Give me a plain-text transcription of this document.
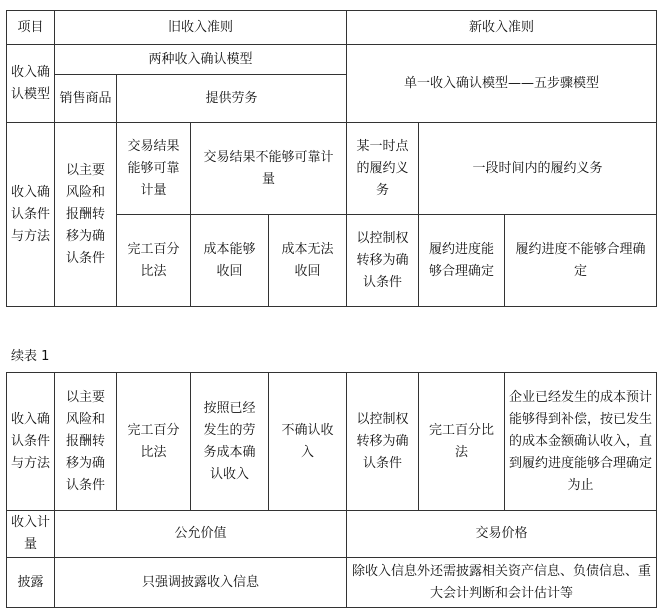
项目	旧收入准则				新收入准则		
收入确认模型	两种收入确认模型				单一收入确认模型——五步骤模型		
	销售商品	提供劳务					
收入确认条件与方法	以主要风险和报酬转移为确认条件	交易结果能够可靠计量	交易结果不能够可靠计量		某一时点的履约义务	一段时间内的履约义务	
		完工百分比法	成本能够收回	成本无法收回	以控制权转移为确认条件	履约进度能够合理确定	履约进度不能够合理确定
续表 1
收入确认条件与方法	以主要风险和报酬转移为确认条件	完工百分比法	按照已经发生的劳务成本确认收入	不确认收入	以控制权转移为确认条件	完工百分比法	企业已经发生的成本预计能够得到补偿，按已发生的成本金额确认收入，直到履约进度能够合理确定为止
收入计量	公允价值				交易价格		
披露	只强调披露收入信息				除收入信息外还需披露相关资产信息、负债信息、重大会计判断和会计估计等		
